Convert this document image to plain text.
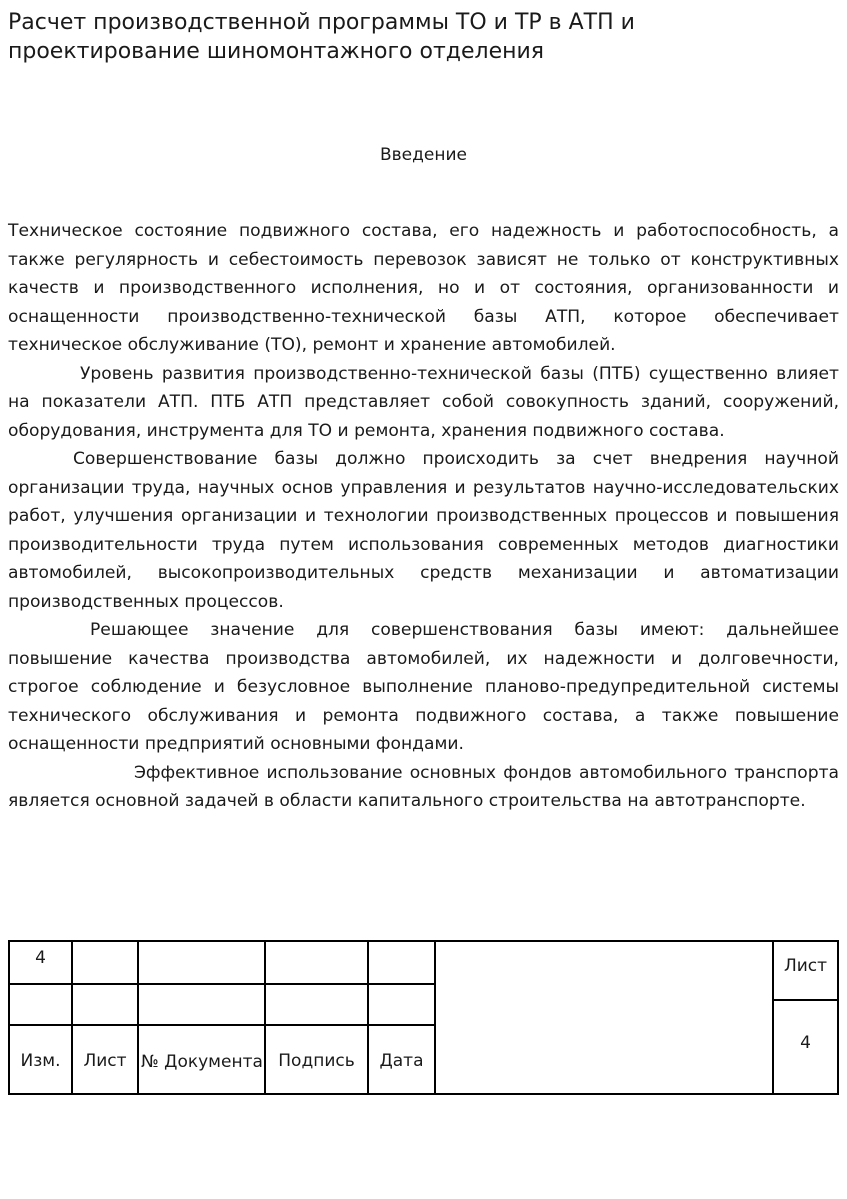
Расчет производственной программы ТО и ТР в АТП и проектирование шиномонтажного отделения
Введение

Техническое состояние подвижного состава, его надежность и работоспособность, а также регулярность и себестоимость перевозок зависят не только от конструктивных качеств и производственного исполнения, но и от состояния, организованности и оснащенности производственно-технической базы АТП, которое обеспечивает техническое обслуживание (ТО), ремонт и хранение автомобилей.

Уровень развития производственно-технической базы (ПТБ) существенно влияет на показатели АТП. ПТБ АТП представляет собой совокупность зданий, сооружений, оборудования, инструмента для ТО и ремонта, хранения подвижного состава.

Совершенствование базы должно происходить за счет внедрения научной организации труда, научных основ управления и результатов научно-исследовательских работ, улучшения организации и технологии производственных процессов и повышения производительности труда путем использования современных методов диагностики автомобилей, высокопроизводительных средств механизации и автоматизации производственных процессов.

Решающее значение для совершенствования базы имеют: дальнейшее повышение качества производства автомобилей, их надежности и долговечности, строгое соблюдение и безусловное выполнение планово-предупредительной системы технического обслуживания и ремонта подвижного состава, а также повышение оснащенности предприятий основными фондами.

Эффективное использование основных фондов автомобильного транспорта является основной задачей в области капитального строительства на автотранспорте.

4
Изм.	Лист № Документа Подпись	Дата
Лист
4
